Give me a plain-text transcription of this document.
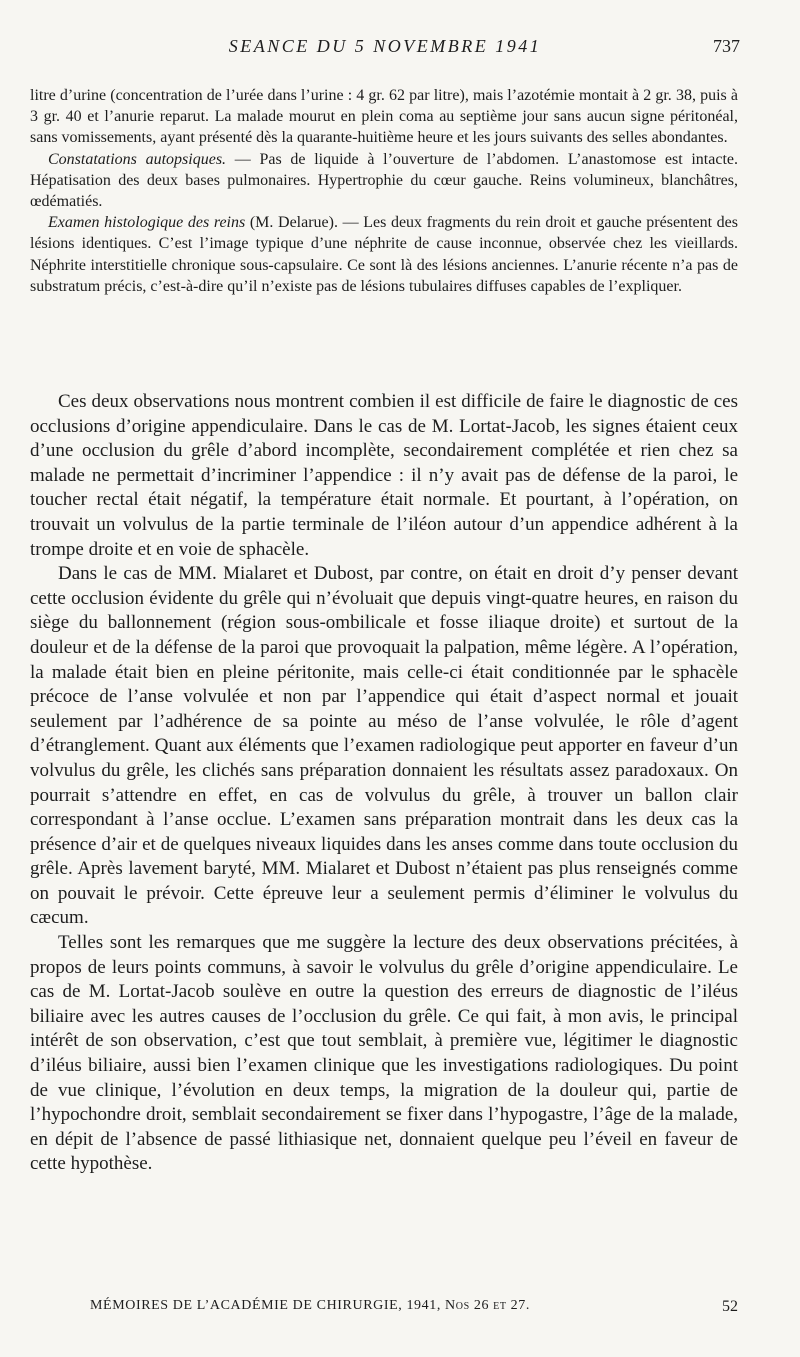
SEANCE DU 5 NOVEMBRE 1941	737

litre d’urine (concentration de l’urée dans l’urine : 4 gr. 62 par litre), mais l’azotémie montait à 2 gr. 38, puis à 3 gr. 40 et l’anurie reparut. La malade mourut en plein coma au septième jour sans aucun signe péritonéal, sans vomissements, ayant présenté dès la quarante-huitième heure et les jours suivants des selles abondantes.

Constatations autopsiques. — Pas de liquide à l’ouverture de l’abdomen. L’anastomose est intacte. Hépatisation des deux bases pulmonaires. Hypertrophie du cœur gauche. Reins volumineux, blanchâtres, œdématiés.

Examen histologique des reins (M. Delarue). — Les deux fragments du rein droit et gauche présentent des lésions identiques. C’est l’image typique d’une néphrite de cause inconnue, observée chez les vieillards. Néphrite interstitielle chronique sous-capsulaire. Ce sont là des lésions anciennes. L’anurie récente n’a pas de substratum précis, c’est-à-dire qu’il n’existe pas de lésions tubulaires diffuses capables de l’expliquer.

Ces deux observations nous montrent combien il est difficile de faire le diagnostic de ces occlusions d’origine appendiculaire. Dans le cas de M. Lortat-Jacob, les signes étaient ceux d’une occlusion du grêle d’abord incomplète, secondairement complétée et rien chez sa malade ne permettait d’incriminer l’appendice : il n’y avait pas de défense de la paroi, le toucher rectal était négatif, la température était normale. Et pourtant, à l’opération, on trouvait un volvulus de la partie terminale de l’iléon autour d’un appendice adhérent à la trompe droite et en voie de sphacèle.

Dans le cas de MM. Mialaret et Dubost, par contre, on était en droit d’y penser devant cette occlusion évidente du grêle qui n’évoluait que depuis vingt-quatre heures, en raison du siège du ballonnement (région sous-ombilicale et fosse iliaque droite) et surtout de la douleur et de la défense de la paroi que provoquait la palpation, même légère. A l’opération, la malade était bien en pleine péritonite, mais celle-ci était conditionnée par le sphacèle précoce de l’anse volvulée et non par l’appendice qui était d’aspect normal et jouait seulement par l’adhérence de sa pointe au méso de l’anse volvulée, le rôle d’agent d’étranglement. Quant aux éléments que l’examen radiologique peut apporter en faveur d’un volvulus du grêle, les clichés sans préparation donnaient les résultats assez paradoxaux. On pourrait s’attendre en effet, en cas de volvulus du grêle, à trouver un ballon clair correspondant à l’anse occlue. L’examen sans préparation montrait dans les deux cas la présence d’air et de quelques niveaux liquides dans les anses comme dans toute occlusion du grêle. Après lavement baryté, MM. Mialaret et Dubost n’étaient pas plus renseignés comme on pouvait le prévoir. Cette épreuve leur a seulement permis d’éliminer le volvulus du cæcum.

Telles sont les remarques que me suggère la lecture des deux observations précitées, à propos de leurs points communs, à savoir le volvulus du grêle d’origine appendiculaire. Le cas de M. Lortat-Jacob soulève en outre la question des erreurs de diagnostic de l’iléus biliaire avec les autres causes de l’occlusion du grêle. Ce qui fait, à mon avis, le principal intérêt de son observation, c’est que tout semblait, à première vue, légitimer le diagnostic d’iléus biliaire, aussi bien l’examen clinique que les investigations radiologiques. Du point de vue clinique, l’évolution en deux temps, la migration de la douleur qui, partie de l’hypochondre droit, semblait secondairement se fixer dans l’hypogastre, l’âge de la malade, en dépit de l’absence de passé lithiasique net, donnaient quelque peu l’éveil en faveur de cette hypothèse.

MÉMOIRES DE L’ACADÉMIE DE CHIRURGIE, 1941, Nos 26 et 27.	52
